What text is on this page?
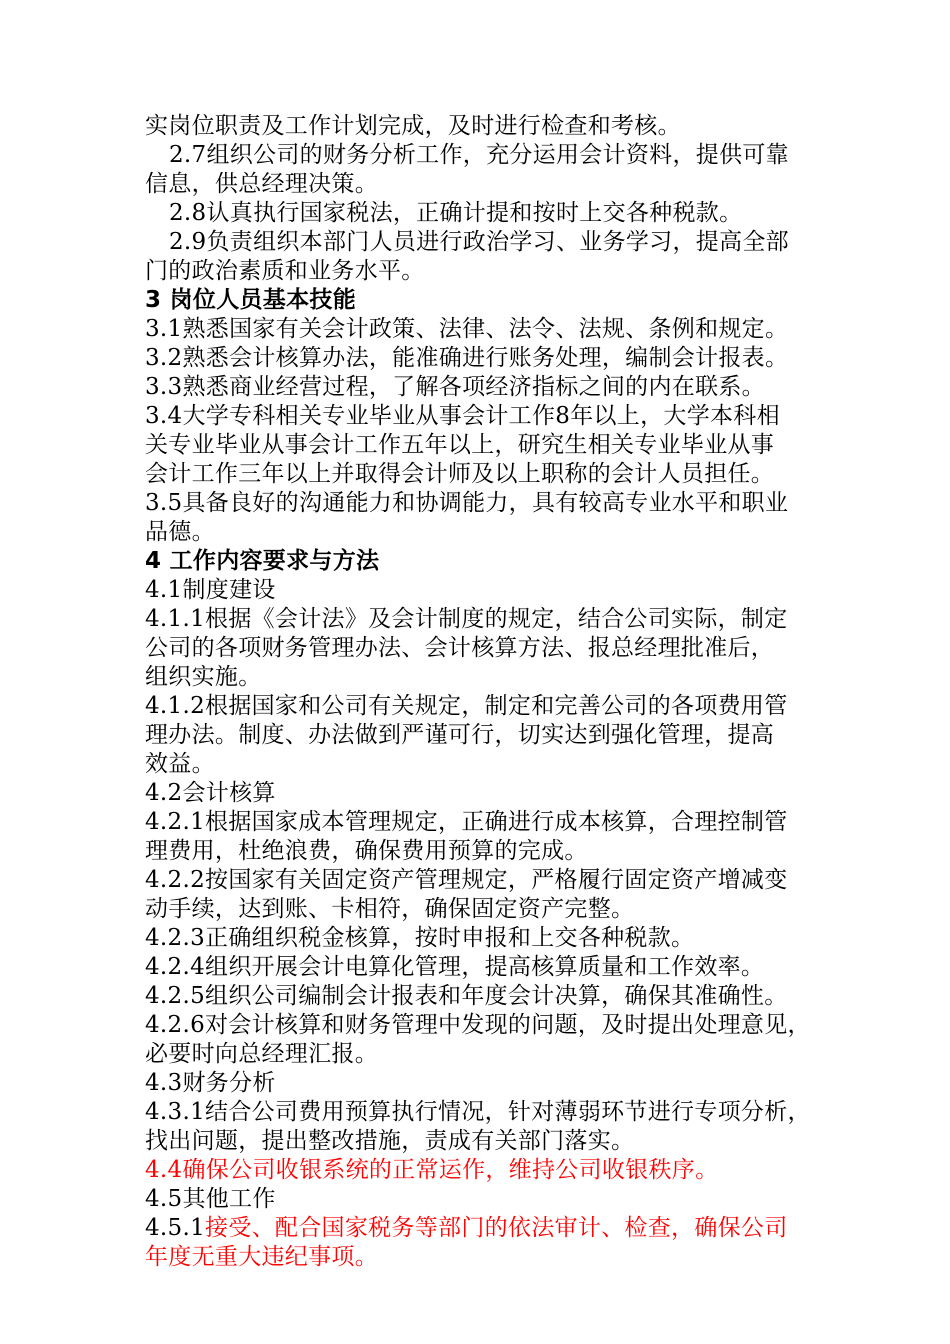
实岗位职责及工作计划完成，及时进行检查和考核。
2.7组织公司的财务分析工作，充分运用会计资料，提供可靠
信息，供总经理决策。
2.8认真执行国家税法，正确计提和按时上交各种税款。
2.9负责组织本部门人员进行政治学习、业务学习，提高全部
门的政治素质和业务水平。
3 岗位人员基本技能
3.1熟悉国家有关会计政策、法律、法令、法规、条例和规定。
3.2熟悉会计核算办法，能准确进行账务处理，编制会计报表。
3.3熟悉商业经营过程，了解各项经济指标之间的内在联系。
3.4大学专科相关专业毕业从事会计工作8年以上，大学本科相
关专业毕业从事会计工作五年以上，研究生相关专业毕业从事
会计工作三年以上并取得会计师及以上职称的会计人员担任。
3.5具备良好的沟通能力和协调能力，具有较高专业水平和职业
品德。
4 工作内容要求与方法
4.1制度建设
4.1.1根据《会计法》及会计制度的规定，结合公司实际，制定
公司的各项财务管理办法、会计核算方法、报总经理批准后，
组织实施。
4.1.2根据国家和公司有关规定，制定和完善公司的各项费用管
理办法。制度、办法做到严谨可行，切实达到强化管理，提高
效益。
4.2会计核算
4.2.1根据国家成本管理规定，正确进行成本核算，合理控制管
理费用，杜绝浪费，确保费用预算的完成。
4.2.2按国家有关固定资产管理规定，严格履行固定资产增减变
动手续，达到账、卡相符，确保固定资产完整。
4.2.3正确组织税金核算，按时申报和上交各种税款。
4.2.4组织开展会计电算化管理，提高核算质量和工作效率。
4.2.5组织公司编制会计报表和年度会计决算，确保其准确性。
4.2.6对会计核算和财务管理中发现的问题，及时提出处理意见，
必要时向总经理汇报。
4.3财务分析
4.3.1结合公司费用预算执行情况，针对薄弱环节进行专项分析，
找出问题，提出整改措施，责成有关部门落实。
4.4确保公司收银系统的正常运作，维持公司收银秩序。
4.5其他工作
4.5.1接受、配合国家税务等部门的依法审计、检查，确保公司
年度无重大违纪事项。
